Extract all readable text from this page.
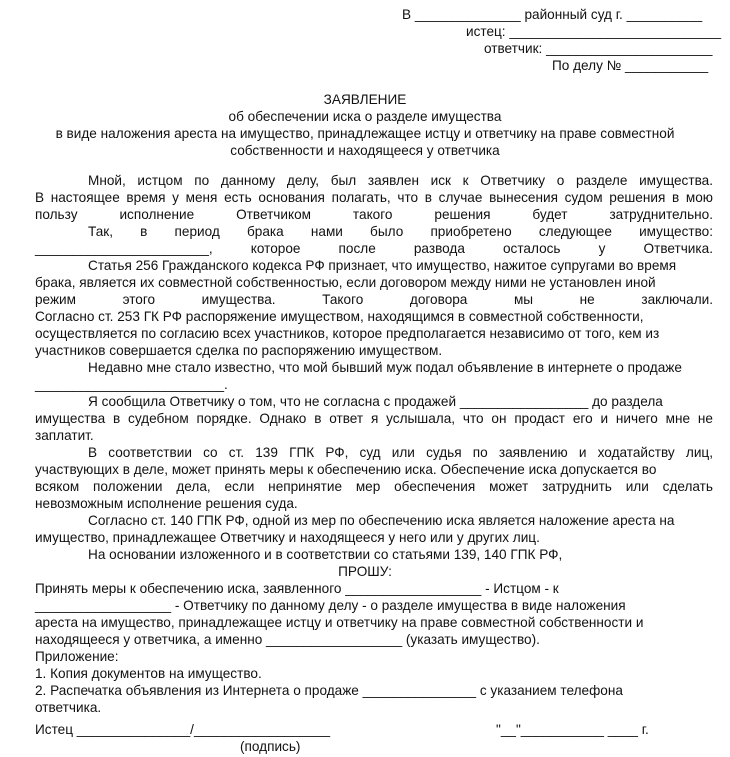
В ______________ районный суд г. __________
истец: ____________________________
ответчик: ______________________
По делу № ___________
ЗАЯВЛЕНИЕ
об обеспечении иска о разделе имущества
в виде наложения ареста на имущество, принадлежащее истцу и ответчику на праве совместной
собственности и находящееся у ответчика
Мной, истцом по данному делу, был заявлен иск к Ответчику о разделе имущества.
В настоящее время у меня есть основания полагать, что в случае вынесения судом решения в мою
пользу исполнение Ответчиком такого решения будет затруднительно.
Так, в период брака нами было приобретено следующее имущество:
_______________________, которое после развода осталось у Ответчика.
Статья 256 Гражданского кодекса РФ признает, что имущество, нажитое супругами во время
брака, является их совместной собственностью, если договором между ними не установлен иной
режим этого имущества. Такого договора мы не заключали.
Согласно ст. 253 ГК РФ распоряжение имуществом, находящимся в совместной собственности,
осуществляется по согласию всех участников, которое предполагается независимо от того, кем из
участников совершается сделка по распоряжению имуществом.
Недавно мне стало известно, что мой бывший муж подал объявление в интернете о продаже
_________________________.
Я сообщила Ответчику о том, что не согласна с продажей _________________ до раздела
имущества в судебном порядке. Однако в ответ я услышала, что он продаст его и ничего мне не
заплатит.
В соответствии со ст. 139 ГПК РФ, суд или судья по заявлению и ходатайству лиц,
участвующих в деле, может принять меры к обеспечению иска. Обеспечение иска допускается во
всяком положении дела, если непринятие мер обеспечения может затруднить или сделать
невозможным исполнение решения суда.
Согласно ст. 140 ГПК РФ, одной из мер по обеспечению иска является наложение ареста на
имущество, принадлежащее Ответчику и находящееся у него или у других лиц.
На основании изложенного и в соответствии со статьями 139, 140 ГПК РФ,
ПРОШУ:
Принять меры к обеспечению иска, заявленного __________________ - Истцом - к
__________________ - Ответчику по данному делу - о разделе имущества в виде наложения
ареста на имущество, принадлежащее истцу и ответчику на праве совместной собственности и
находящееся у ответчика, а именно __________________ (указать имущество).
Приложение:
1. Копия документов на имущество.
2. Распечатка объявления из Интернета о продаже _______________ с указанием телефона
ответчика.
Истец _______________/__________________	"__"___________ ____ г.
(подпись)
